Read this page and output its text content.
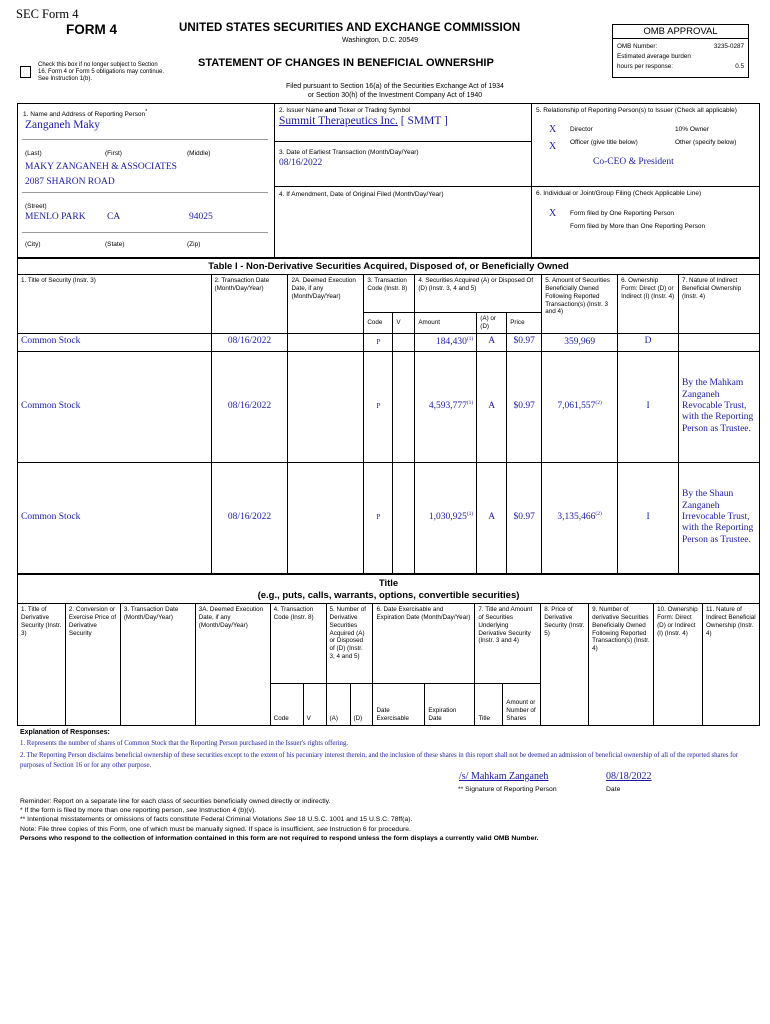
SEC Form 4
FORM 4	UNITED STATES SECURITIES AND EXCHANGE COMMISSION
Washington, D.C. 20549
STATEMENT OF CHANGES IN BENEFICIAL OWNERSHIP
Filed pursuant to Section 16(a) of the Securities Exchange Act of 1934
or Section 30(h) of the Investment Company Act of 1940
Check this box if no longer subject to Section 16. Form 4 or Form 5 obligations may continue. See Instruction 1(b).
OMB APPROVAL
OMB Number:	3235-0287
Estimated average burden
hours per response:	0.5
1. Name and Address of Reporting Person*
Zanganeh Maky
(Last)	(First)	(Middle)
MAKY ZANGANEH & ASSOCIATES
2087 SHARON ROAD
(Street)
MENLO PARK CA	94025
(City)	(State)	(Zip)
2. Issuer Name and Ticker or Trading Symbol
Summit Therapeutics Inc. [ SMMT ]
3. Date of Earliest Transaction (Month/Day/Year)
08/16/2022
4. If Amendment, Date of Original Filed (Month/Day/Year)
5. Relationship of Reporting Person(s) to Issuer (Check all applicable)
X Director	10% Owner
X Officer (give title below)	Other (specify below)
Co-CEO & President
6. Individual or Joint/Group Filing (Check Applicable Line)
X Form filed by One Reporting Person
Form filed by More than One Reporting Person
Table I - Non-Derivative Securities Acquired, Disposed of, or Beneficially Owned
1. Title of Security (Instr. 3)	2. Transaction Date (Month/Day/Year)	2A. Deemed Execution Date, if any (Month/Day/Year)	3. Transaction Code (Instr. 8)		4. Securities Acquired (A) or Disposed Of (D) (Instr. 3, 4 and 5)			5. Amount of Securities Beneficially Owned Following Reported Transaction(s) (Instr. 3 and 4)	6. Ownership Form: Direct (D) or Indirect (I) (Instr. 4)	7. Nature of Indirect Beneficial Ownership (Instr. 4)
			Code	V	Amount	(A) or (D)	Price			
Common Stock	08/16/2022		P		184,430$^{(1)}$	A	$0.97	359,969	D	
Common Stock	08/16/2022		P		4,593,777$^{(1)}$	A	$0.97	7,061,557$^{(2)}$	I	By the Mahkam Zanganeh Revocable Trust, with the Reporting Person as Trustee.
Common Stock	08/16/2022		P		1,030,925$^{(1)}$	A	$0.97	3,135,466$^{(2)}$	I	By the Shaun Zanganeh Irrevocable Trust, with the Reporting Person as Trustee.
Title
(e.g., puts, calls, warrants, options, convertible securities)
1. Title of Derivative Security (Instr. 3)	2. Conversion or Exercise Price of Derivative Security	3. Transaction Date (Month/Day/Year)	3A. Deemed Execution Date, if any (Month/Day/Year)	4. Transaction Code (Instr. 8)		5. Number of Derivative Securities Acquired (A) or Disposed of (D) (Instr. 3, 4 and 5)		6. Date Exercisable and Expiration Date (Month/Day/Year)		7. Title and Amount of Securities Underlying Derivative Security (Instr. 3 and 4)		8. Price of Derivative Security (Instr. 5)	9. Number of derivative Securities Beneficially Owned Following Reported Transaction(s) (Instr. 4)	10. Ownership Form: Direct (D) or Indirect (I) (Instr. 4)	11. Nature of Indirect Beneficial Ownership (Instr. 4)
				Code	V	(A)	(D)	Date Exercisable	Expiration Date	Title	Amount or Number of Shares				
Explanation of Responses:
1. Represents the number of shares of Common Stock that the Reporting Person purchased in the Issuer's rights offering.
2. The Reporting Person disclaims beneficial ownership of these securities except to the extent of his pecuniary interest therein, and the inclusion of these shares in this report shall not be deemed an admission of beneficial ownership of all of the reported shares for purposes of Section 16 or for any other purpose.
/s/ Mahkam Zanganeh	08/18/2022
** Signature of Reporting Person	Date
Reminder: Report on a separate line for each class of securities beneficially owned directly or indirectly.
* If the form is filed by more than one reporting person, see Instruction 4 (b)(v).
** Intentional misstatements or omissions of facts constitute Federal Criminal Violations See 18 U.S.C. 1001 and 15 U.S.C. 78ff(a).
Note: File three copies of this Form, one of which must be manually signed. If space is insufficient, see Instruction 6 for procedure.
Persons who respond to the collection of information contained in this form are not required to respond unless the form displays a currently valid OMB Number.
